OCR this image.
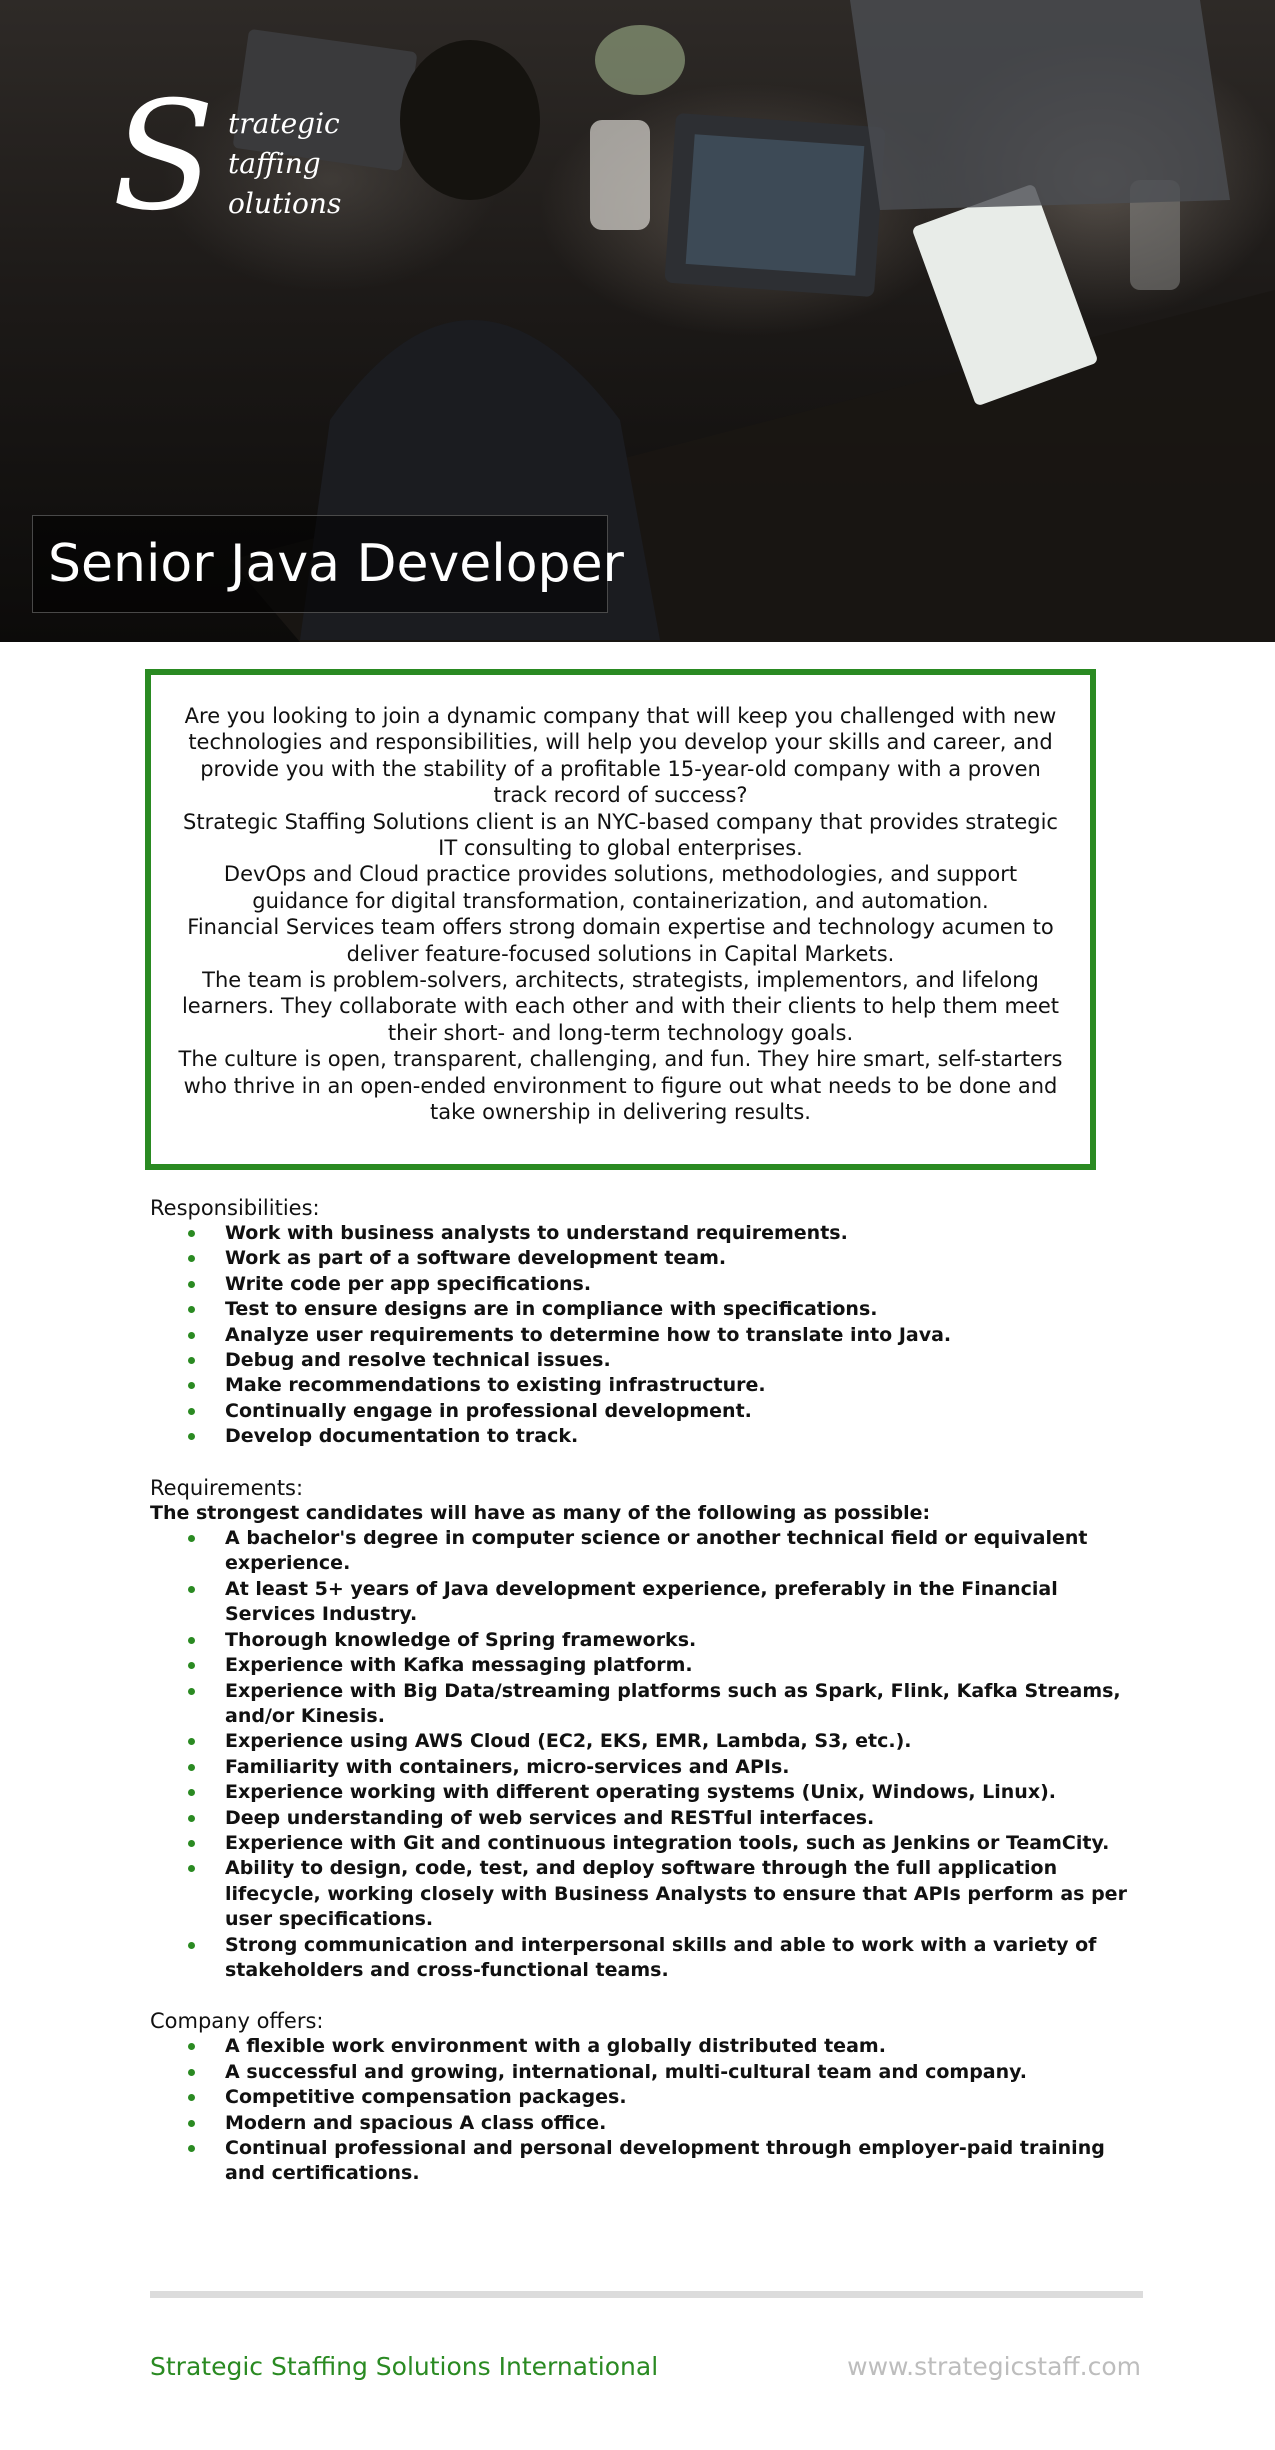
S trategic
taffing
olutions
Senior Java Developer

Are you looking to join a dynamic company that will keep you challenged with new technologies and responsibilities, will help you develop your skills and career, and provide you with the stability of a profitable 15-year-old company with a proven track record of success?

Strategic Staffing Solutions client is an NYC-based company that provides strategic IT consulting to global enterprises.

DevOps and Cloud practice provides solutions, methodologies, and support guidance for digital transformation, containerization, and automation.

Financial Services team offers strong domain expertise and technology acumen to deliver feature-focused solutions in Capital Markets.

The team is problem-solvers, architects, strategists, implementors, and lifelong learners. They collaborate with each other and with their clients to help them meet their short- and long-term technology goals.

The culture is open, transparent, challenging, and fun. They hire smart, self-starters who thrive in an open-ended environment to figure out what needs to be done and take ownership in delivering results.

Responsibilities:
Work with business analysts to understand requirements.
Work as part of a software development team.
Write code per app specifications.
Test to ensure designs are in compliance with specifications.
Analyze user requirements to determine how to translate into Java.
Debug and resolve technical issues.
Make recommendations to existing infrastructure.
Continually engage in professional development.
Develop documentation to track.
Requirements:

The strongest candidates will have as many of the following as possible:

A bachelor's degree in computer science or another technical field or equivalent experience.
At least 5+ years of Java development experience, preferably in the Financial Services Industry.
Thorough knowledge of Spring frameworks.
Experience with Kafka messaging platform.
Experience with Big Data/streaming platforms such as Spark, Flink, Kafka Streams, and/or Kinesis.
Experience using AWS Cloud (EC2, EKS, EMR, Lambda, S3, etc.).
Familiarity with containers, micro-services and APIs.
Experience working with different operating systems (Unix, Windows, Linux).
Deep understanding of web services and RESTful interfaces.
Experience with Git and continuous integration tools, such as Jenkins or TeamCity.
Ability to design, code, test, and deploy software through the full application lifecycle, working closely with Business Analysts to ensure that APIs perform as per user specifications.
Strong communication and interpersonal skills and able to work with a variety of stakeholders and cross-functional teams.
Company offers:
A flexible work environment with a globally distributed team.
A successful and growing, international, multi-cultural team and company.
Competitive compensation packages.
Modern and spacious A class office.
Continual professional and personal development through employer-paid training and certifications.
Strategic Staffing Solutions International	www.strategicstaff.com
